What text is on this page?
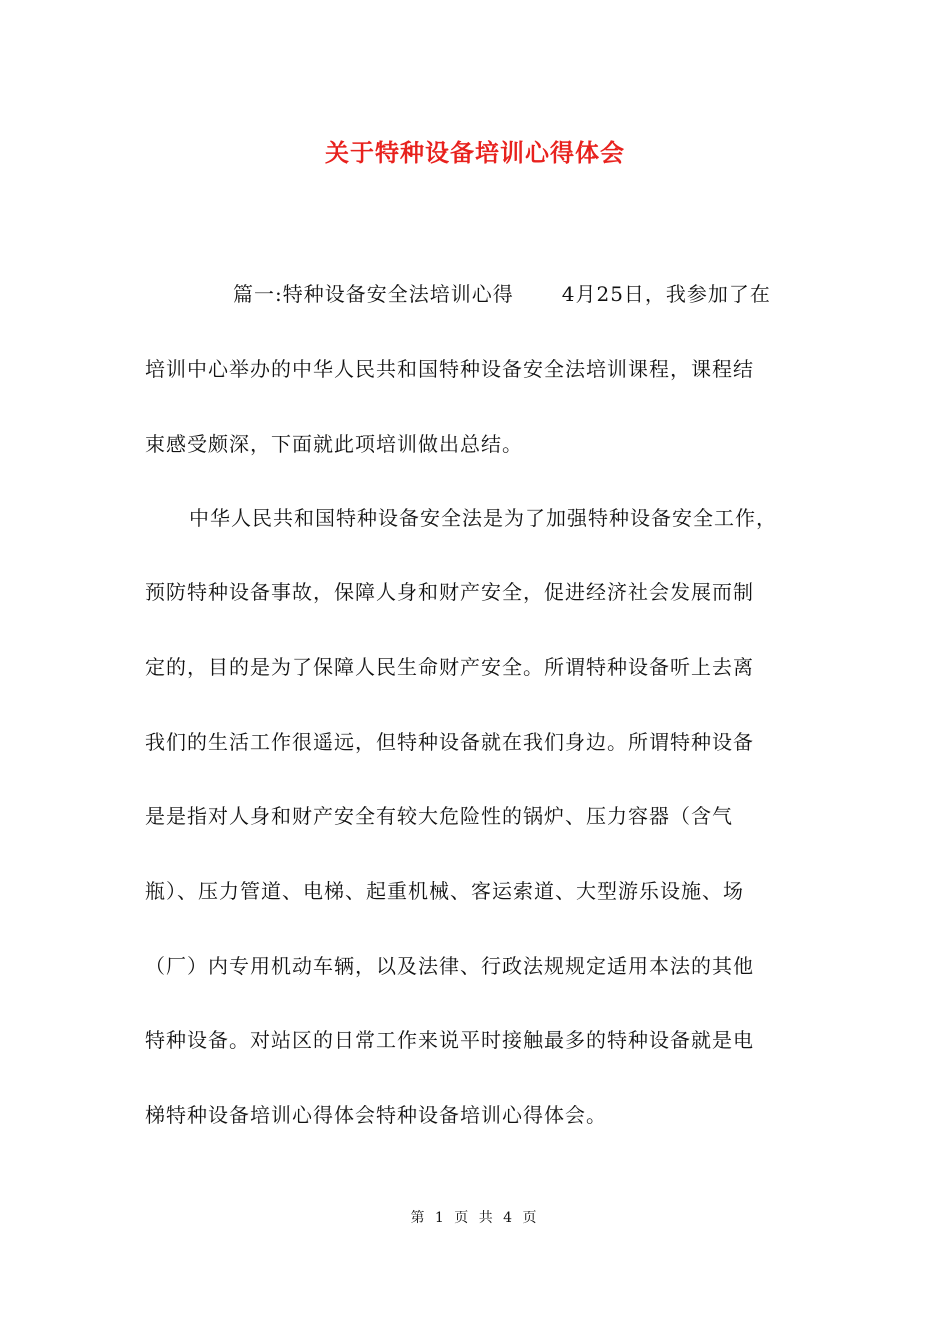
关于特种设备培训心得体会
篇一:特种设备安全法培训心得 4月25日，我参加了在
培训中心举办的中华人民共和国特种设备安全法培训课程，课程结
束感受颇深，下面就此项培训做出总结。
中华人民共和国特种设备安全法是为了加强特种设备安全工作，
预防特种设备事故，保障人身和财产安全，促进经济社会发展而制
定的，目的是为了保障人民生命财产安全。所谓特种设备听上去离
我们的生活工作很遥远，但特种设备就在我们身边。所谓特种设备
是是指对人身和财产安全有较大危险性的锅炉、压力容器（含气
瓶）、压力管道、电梯、起重机械、客运索道、大型游乐设施、场
（厂）内专用机动车辆，以及法律、行政法规规定适用本法的其他
特种设备。对站区的日常工作来说平时接触最多的特种设备就是电
梯特种设备培训心得体会特种设备培训心得体会。
第 1 页 共 4 页
